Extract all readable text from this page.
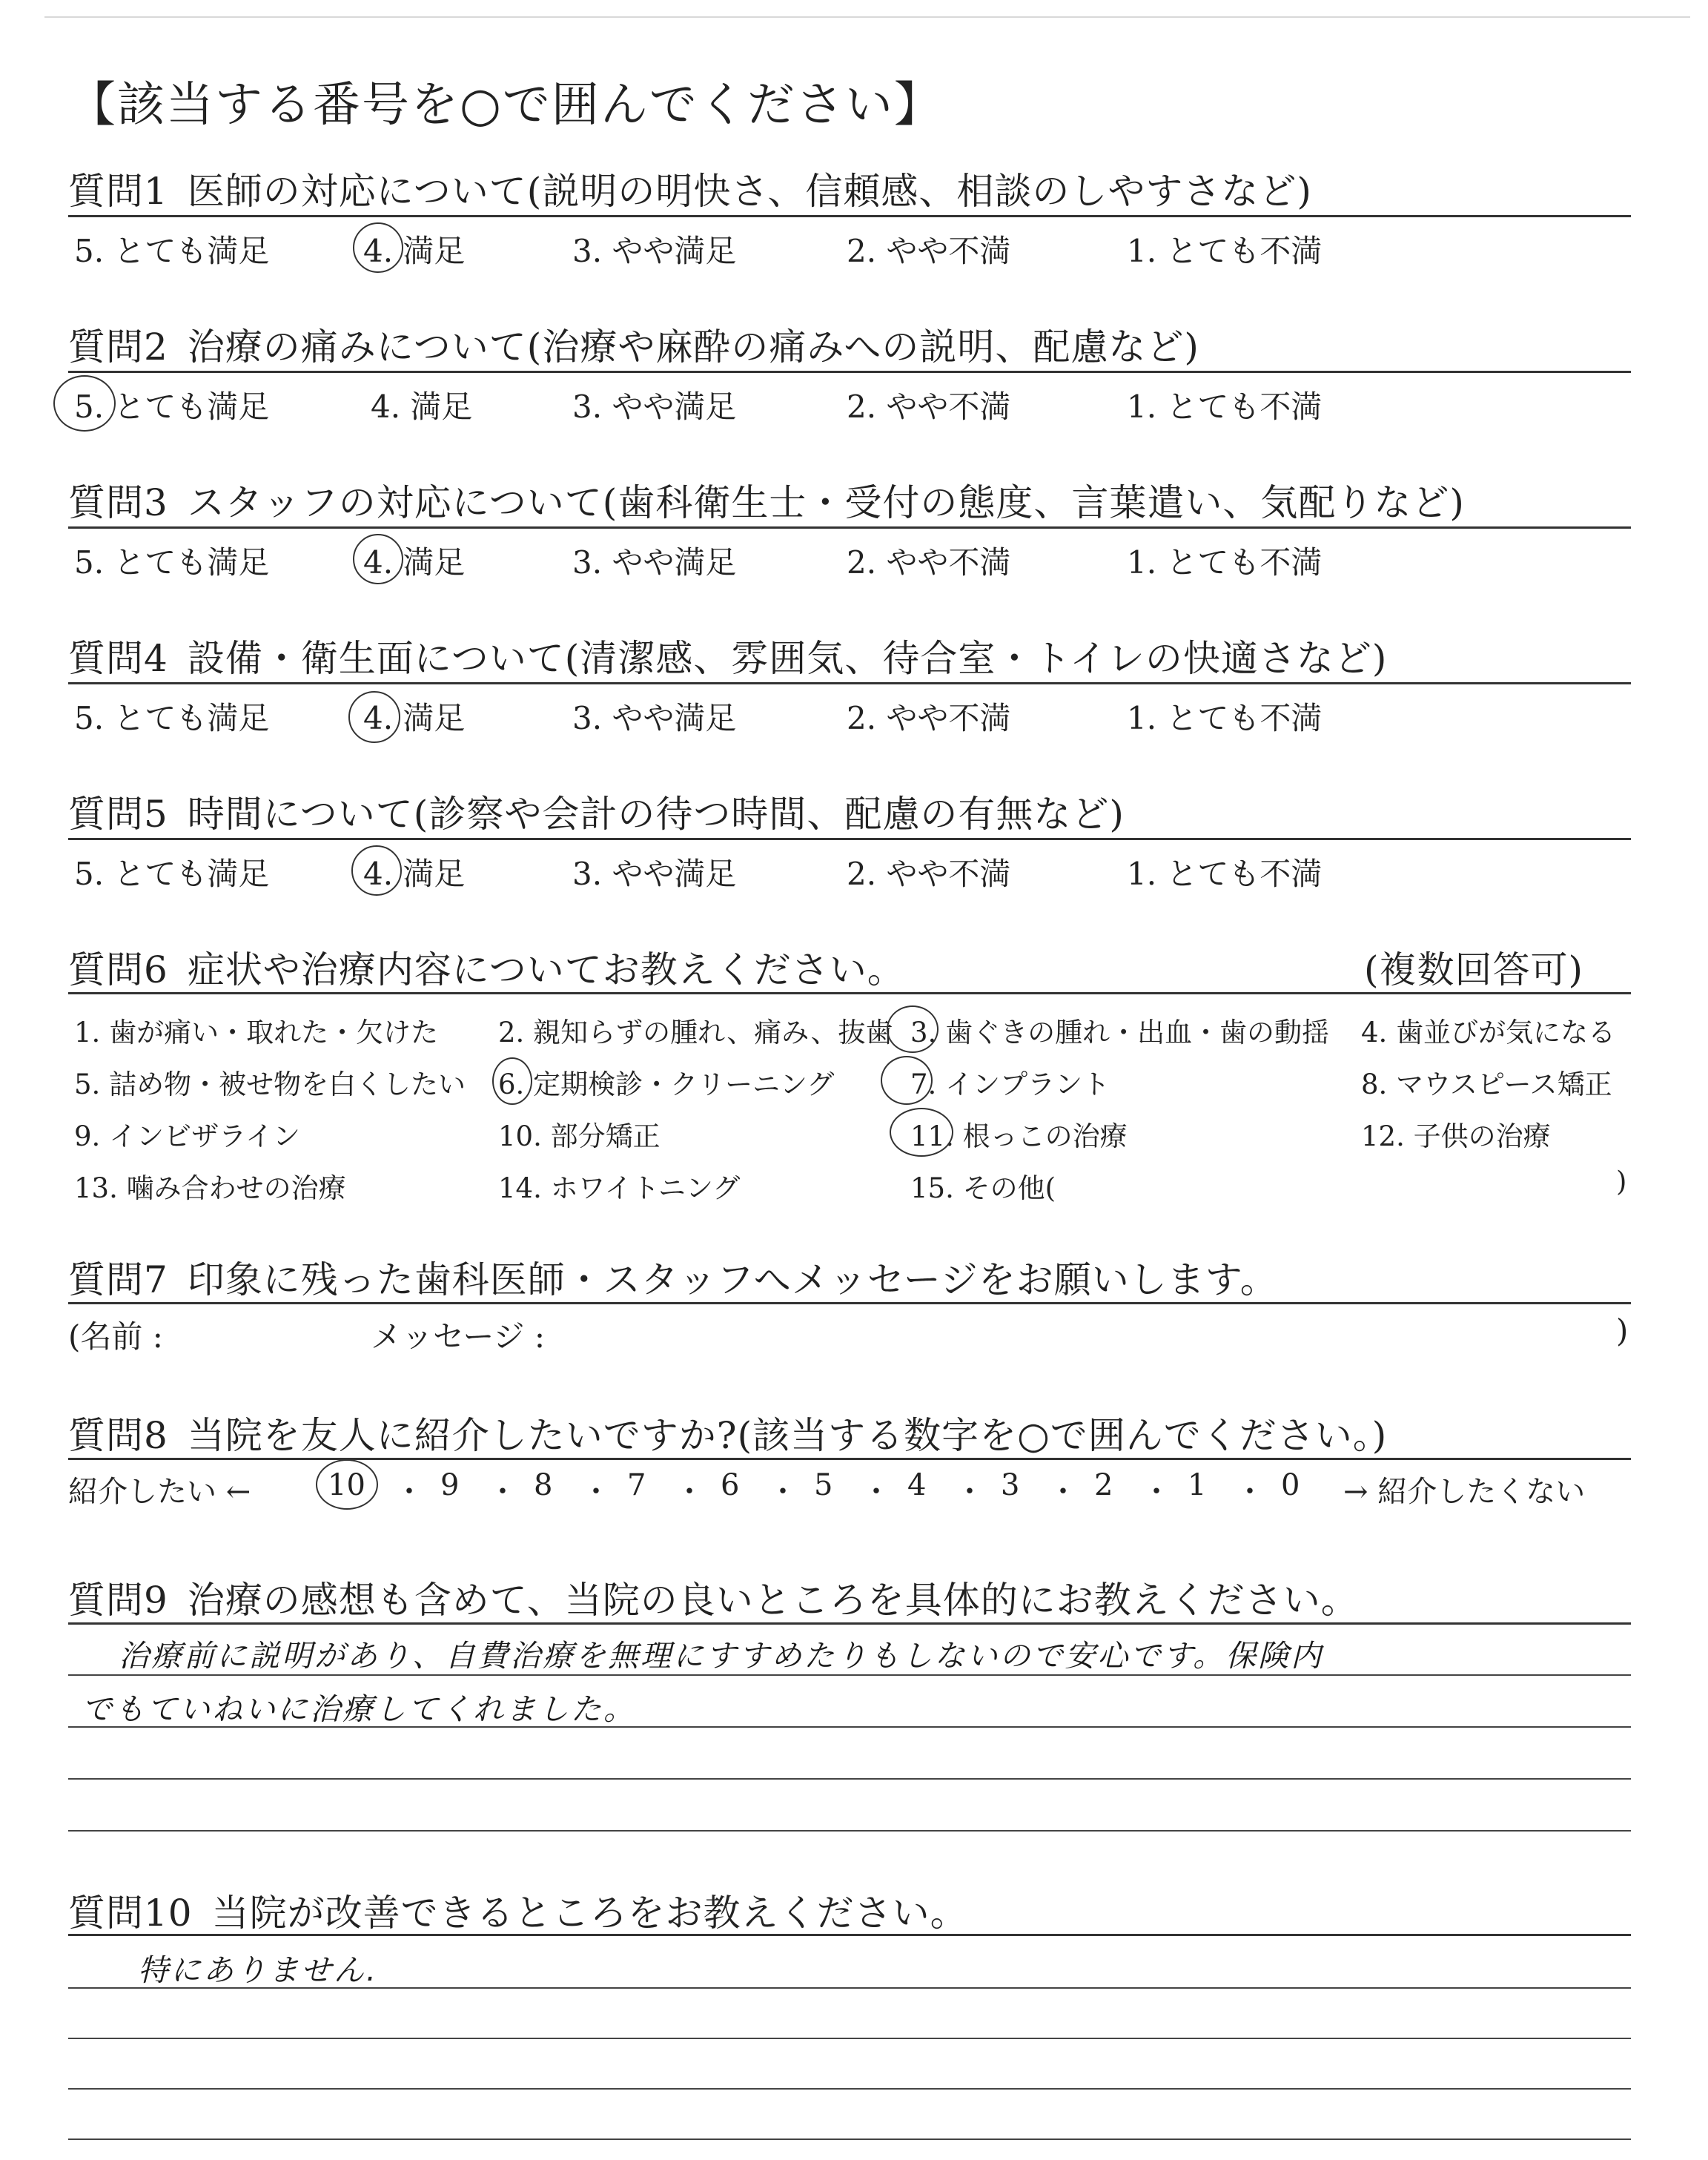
【該当する番号を○で囲んでください】
質問1 医師の対応について(説明の明快さ、信頼感、相談のしやすさなど)
5. とても満足	4. 満足	3. やや満足	2. やや不満	1. とても不満
質問2 治療の痛みについて(治療や麻酔の痛みへの説明、配慮など)
5. とても満足	4. 満足	3. やや満足	2. やや不満	1. とても不満
質問3 スタッフの対応について(歯科衛生士・受付の態度、言葉遣い、気配りなど)
5. とても満足	4. 満足	3. やや満足	2. やや不満	1. とても不満
質問4 設備・衛生面について(清潔感、雰囲気、待合室・トイレの快適さなど)
5. とても満足	4. 満足	3. やや満足	2. やや不満	1. とても不満
質問5 時間について(診察や会計の待つ時間、配慮の有無など)
5. とても満足	4. 満足	3. やや満足	2. やや不満	1. とても不満
質問6 症状や治療内容についてお教えください。	(複数回答可)
1. 歯が痛い・取れた・欠けた 2. 親知らずの腫れ、痛み、抜歯 3. 歯ぐきの腫れ・出血・歯の動揺 4. 歯並びが気になる
5. 詰め物・被せ物を白くしたい 6. 定期検診・クリーニング	7. インプラント	8. マウスピース矯正
9. インビザライン	10. 部分矯正	11. 根っこの治療	12. 子供の治療
13. 噛み合わせの治療	14. ホワイトニング	15. その他(	)
質問7 印象に残った歯科医師・スタッフへメッセージをお願いします。
(名前 :	メッセージ :	)
質問8 当院を友人に紹介したいですか?(該当する数字を○で囲んでください。)
紹介したい ←	10 ・ 9 ・ 8 ・ 7 ・ 6 ・ 5 ・ 4 ・ 3 ・ 2 ・ 1 ・ 0 → 紹介したくない
質問9 治療の感想も含めて、当院の良いところを具体的にお教えください。
治療前に説明があり、自費治療を無理にすすめたりもしないので安心です。保険内
でもていねいに治療してくれました。
質問10 当院が改善できるところをお教えください。
特にありません.
